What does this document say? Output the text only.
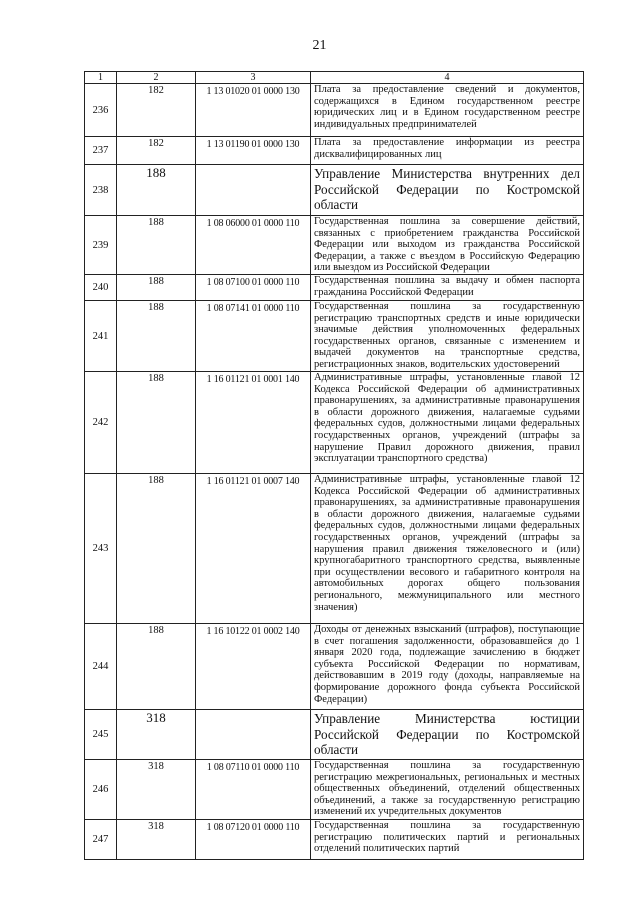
21
1	2	3	4
236	182	1 13 01020 01 0000 130	Плата за предоставление сведений и документов, содержащихся в Едином государственном реестре юридических лиц и в Едином государственном реестре индивидуальных предпринимателей
237	182	1 13 01190 01 0000 130	Плата за предоставление информации из реестра дисквалифицированных лиц
238	188		Управление Министерства внутренних дел Российской Федерации по Костромской области
239	188	1 08 06000 01 0000 110	Государственная пошлина за совершение действий, связанных с приобретением гражданства Российской Федерации или выходом из гражданства Российской Федерации, а также с въездом в Российскую Федерацию или выездом из Российской Федерации
240	188	1 08 07100 01 0000 110	Государственная пошлина за выдачу и обмен паспорта гражданина Российской Федерации
241	188	1 08 07141 01 0000 110	Государственная пошлина за государственную регистрацию транспортных средств и иные юридически значимые действия уполномоченных федеральных государственных органов, связанные с изменением и выдачей документов на транспортные средства, регистрационных знаков, водительских удостоверений
242	188	1 16 01121 01 0001 140	Административные штрафы, установленные главой 12 Кодекса Российской Федерации об административных правонарушениях, за административные правонарушения в области дорожного движения, налагаемые судьями федеральных судов, должностными лицами федеральных государственных органов, учреждений (штрафы за нарушение Правил дорожного движения, правил эксплуатации транспортного средства)
243	188	1 16 01121 01 0007 140	Административные штрафы, установленные главой 12 Кодекса Российской Федерации об административных правонарушениях, за административные правонарушения в области дорожного движения, налагаемые судьями федеральных судов, должностными лицами федеральных государственных органов, учреждений (штрафы за нарушения правил движения тяжеловесного и (или) крупногабаритного транспортного средства, выявленные при осуществлении весового и габаритного контроля на автомобильных дорогах общего пользования регионального, межмуниципального или местного значения)
244	188	1 16 10122 01 0002 140	Доходы от денежных взысканий (штрафов), поступающие в счет погашения задолженности, образовавшейся до 1 января 2020 года, подлежащие зачислению в бюджет субъекта Российской Федерации по нормативам, действовавшим в 2019 году (доходы, направляемые на формирование дорожного фонда субъекта Российской Федерации)
245	318		Управление Министерства юстиции Российской Федерации по Костромской области
246	318	1 08 07110 01 0000 110	Государственная пошлина за государственную регистрацию межрегиональных, региональных и местных общественных объединений, отделений общественных объединений, а также за государственную регистрацию изменений их учредительных документов
247	318	1 08 07120 01 0000 110	Государственная пошлина за государственную регистрацию политических партий и региональных отделений политических партий
